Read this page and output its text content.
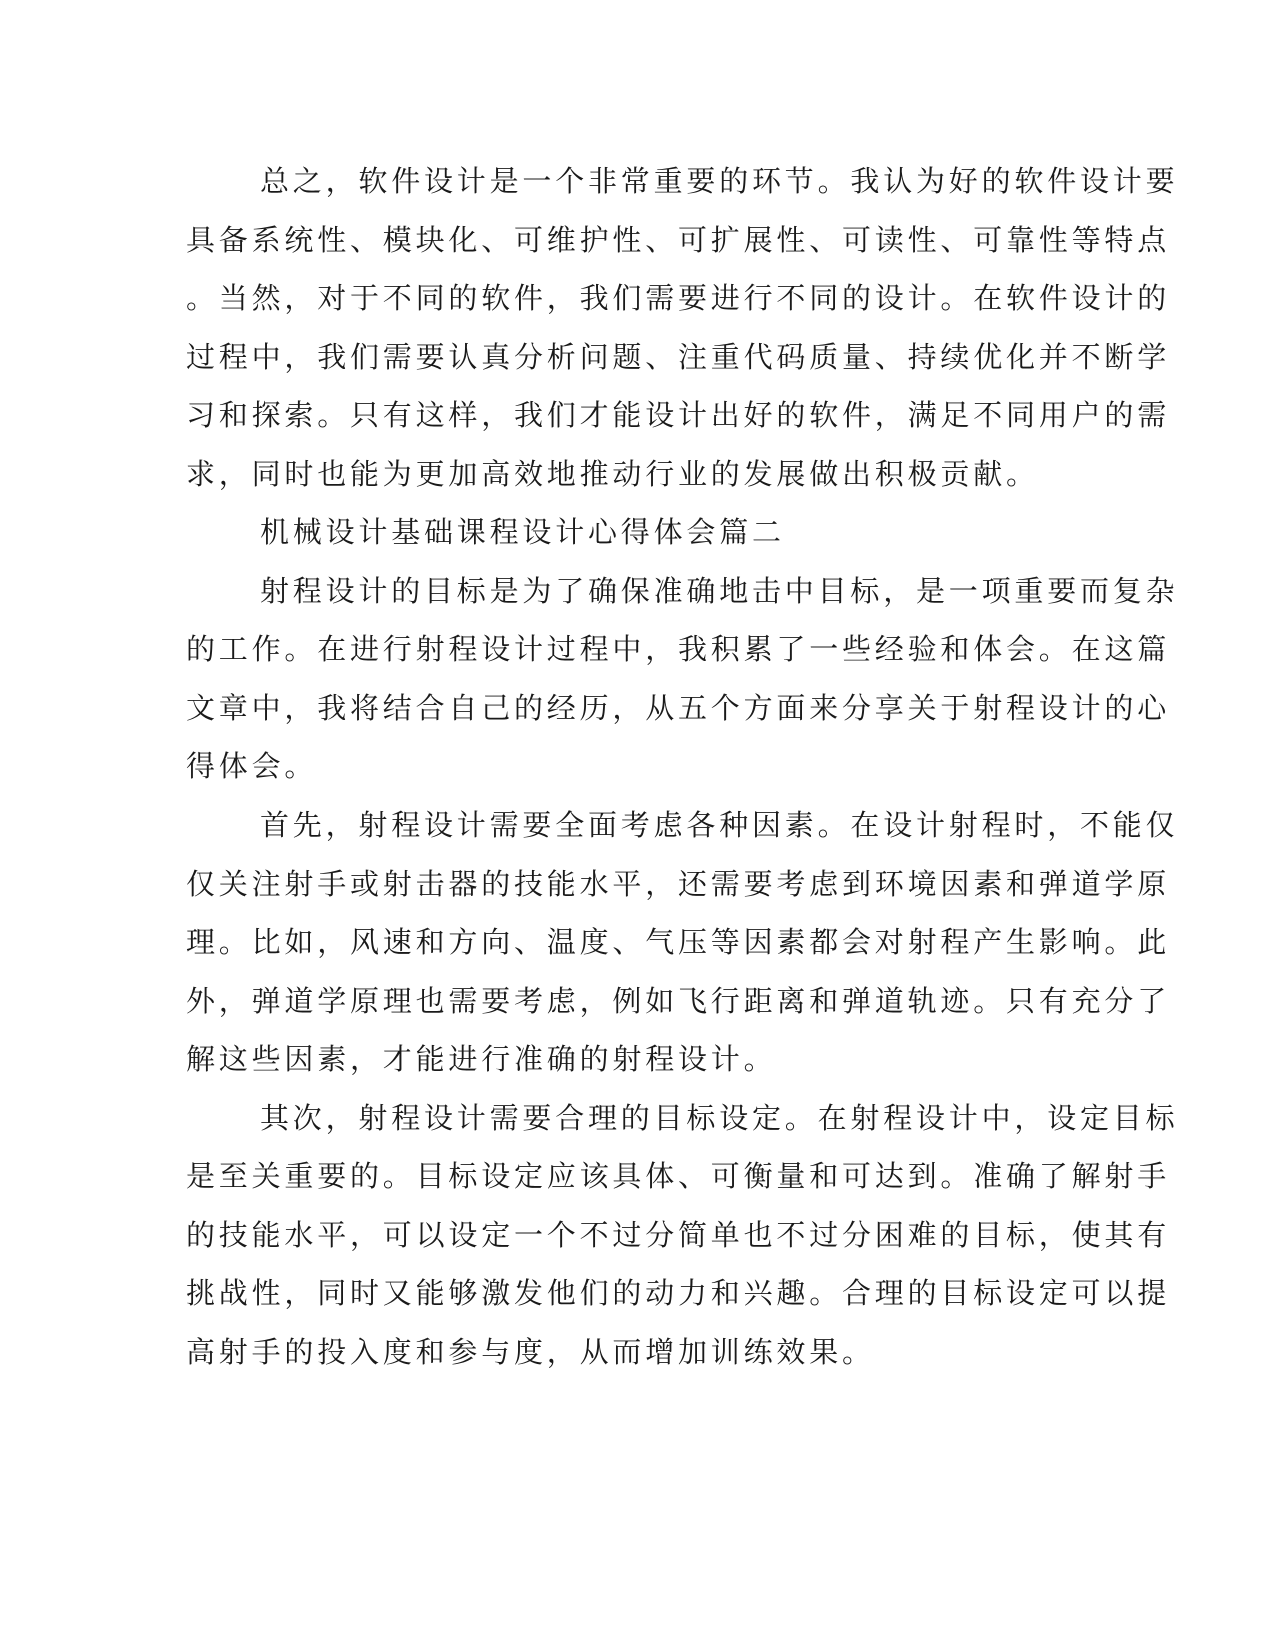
总之，软件设计是一个非常重要的环节。我认为好的软件设计要

具备系统性、模块化、可维护性、可扩展性、可读性、可靠性等特点

。当然，对于不同的软件，我们需要进行不同的设计。在软件设计的

过程中，我们需要认真分析问题、注重代码质量、持续优化并不断学

习和探索。只有这样，我们才能设计出好的软件，满足不同用户的需

求，同时也能为更加高效地推动行业的发展做出积极贡献。

机械设计基础课程设计心得体会篇二

射程设计的目标是为了确保准确地击中目标，是一项重要而复杂

的工作。在进行射程设计过程中，我积累了一些经验和体会。在这篇

文章中，我将结合自己的经历，从五个方面来分享关于射程设计的心

得体会。

首先，射程设计需要全面考虑各种因素。在设计射程时，不能仅

仅关注射手或射击器的技能水平，还需要考虑到环境因素和弹道学原

理。比如，风速和方向、温度、气压等因素都会对射程产生影响。此

外，弹道学原理也需要考虑，例如飞行距离和弹道轨迹。只有充分了

解这些因素，才能进行准确的射程设计。

其次，射程设计需要合理的目标设定。在射程设计中，设定目标

是至关重要的。目标设定应该具体、可衡量和可达到。准确了解射手

的技能水平，可以设定一个不过分简单也不过分困难的目标，使其有

挑战性，同时又能够激发他们的动力和兴趣。合理的目标设定可以提

高射手的投入度和参与度，从而增加训练效果。
